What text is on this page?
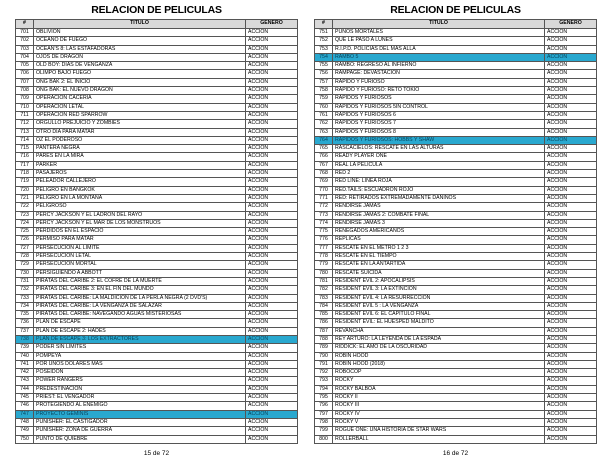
RELACION DE PELICULAS
#	TITULO	GENERO
701	OBLIVION	ACCION
702	OCEANO DE FUEGO	ACCION
703	OCEAN'S 8: LAS ESTAFADORAS	ACCION
704	OJOS DE DRAGON	ACCION
705	OLD BOY: DIAS DE VENGANZA	ACCION
706	OLIMPO BAJO FUEGO	ACCION
707	ONG BAK 2: EL INICIO	ACCION
708	ONG BAK: EL NUEVO DRAGON	ACCION
709	OPERACION CACERIA	ACCION
710	OPERACION LETAL	ACCION
711	OPERACION RED SPARROW	ACCION
712	ORGULLO PREJUICIO Y ZOMBIES	ACCION
713	OTRO DIA PARA MATAR	ACCION
714	OZ EL PODEROSO	ACCION
715	PANTERA NEGRA	ACCION
716	PARES EN LA MIRA	ACCION
717	PARKER	ACCION
718	PASAJEROS	ACCION
719	PELEADOR CALLEJERO	ACCION
720	PELIGRO EN BANGKOK	ACCION
721	PELIGRO EN LA MONTAÑA	ACCION
722	PELIGROSO	ACCION
723	PERCY JACKSON Y EL LADRON DEL RAYO	ACCION
724	PERCY JACKSON Y EL MAR DE LOS MONSTRUOS	ACCION
725	PERDIDOS EN EL ESPACIO	ACCION
726	PERMISO PARA MATAR	ACCION
727	PERSECUCION AL LIMITE	ACCION
728	PERSECUCION LETAL	ACCION
729	PERSECUCION MORTAL	ACCION
730	PERSIGUIENDO A ABBOTT	ACCION
731	PIRATAS DEL CARIBE 2: EL COFRE DE LA MUERTE	ACCION
732	PIRATAS DEL CARIBE 3: EN EL FIN DEL MUNDO	ACCION
733	PIRATAS DEL CARIBE: LA MALDICION DE LA PERLA NEGRA (2 DVD'S)	ACCION
734	PIRATAS DEL CARIBE: LA VENGANZA DE SALAZAR	ACCION
735	PIRATAS DEL CARIBE: NAVEGANDO AGUAS MISTERIOSAS	ACCION
736	PLAN DE ESCAPE	ACCION
737	PLAN DE ESCAPE 2: HADES	ACCION
738	PLAN DE ESCAPE 3: LOS EXTRACTORES	ACCION
739	PODER SIN LIMITES	ACCION
740	POMPEYA	ACCION
741	POR UNOS DOLARES MAS	ACCION
742	POSEIDON	ACCION
743	POWER RANGERS	ACCION
744	PREDESTINACION	ACCION
745	PRIEST: EL VENGADOR	ACCION
746	PROTEGIENDO AL ENEMIGO	ACCION
747	PROYECTO GEMINIS	ACCION
748	PUNISHER: EL CASTIGADOR	ACCION
749	PUNISHER: ZONA DE GUERRA	ACCION
750	PUNTO DE QUIEBRE	ACCION
15 de 72
RELACION DE PELICULAS
#	TITULO	GENERO
751	PUÑOS MORTALES	ACCION
752	QUE LE PASO A LUNES	ACCION
753	R.I.P.D. POLICIAS DEL MAS ALLA	ACCION
754	RAMBO 5	ACCION
755	RAMBO: REGRESO AL INFIERNO	ACCION
756	RAMPAGE: DEVASTACION	ACCION
757	RAPIDO Y FURIOSO	ACCION
758	RAPIDO Y FURIOSO: RETO TOKIO	ACCION
759	RAPIDOS Y FURIOSOS	ACCION
760	RAPIDOS Y FURIOSOS 5IN CONTROL	ACCION
761	RAPIDOS Y FURIOSOS 6	ACCION
762	RAPIDOS Y FURIOSOS 7	ACCION
763	RAPIDOS Y FURIOSOS 8	ACCION
764	RAPIDOS Y FURIOSOS: HOBBS Y SHAW	ACCION
765	RASCACIELOS: RESCATE EN LAS ALTURAS	ACCION
766	READY PLAYER ONE	ACCION
767	REAL LA PELICULA	ACCION
768	RED 2	ACCION
769	RED LINE: LINEA ROJA	ACCION
770	RED.TAILS: ESCUADRON ROJO	ACCION
771	RED: RETIRADOS EXTREMADAMENTE DAÑINOS	ACCION
772	RENDIRSE JAMAS	ACCION
773	RENDIRSE JAMAS 2: COMBATE FINAL	ACCION
774	RENDIRSE JAMAS 3	ACCION
775	RENEGADOS AMERICANOS	ACCION
776	REPLICAS	ACCION
777	RESCATE EN EL METRO 1 2 3	ACCION
778	RESCATE EN EL TIEMPO	ACCION
779	RESCATE EN LA ANTARTIDA	ACCION
780	RESCATE SUICIDA	ACCION
781	RESIDENT EVIL 2: APOCALIPSIS	ACCION
782	RESIDENT EVIL 3: LA EXTINCION	ACCION
783	RESIDENT EVIL 4: LA RESURRECCION	ACCION
784	RESIDENT EVIL 5 : LA VENGANZA	ACCION
785	RESIDENT EVIL 6: EL CAPITULO FINAL	ACCION
786	RESIDENT EVIL: EL HUESPED MALDITO	ACCION
787	REVANCHA	ACCION
788	REY ARTURO: LA LEYENDA DE LA ESPADA	ACCION
789	RIDDICK: EL AMO DE LA OSCURIDAD	ACCION
790	ROBIN HOOD	ACCION
791	ROBIN HOOD (2018)	ACCION
792	ROBOCOP	ACCION
793	ROCKY	ACCION
794	ROCKY BALBOA	ACCION
795	ROCKY II	ACCION
796	ROCKY III	ACCION
797	ROCKY IV	ACCION
798	ROCKY V	ACCION
799	ROGUE ONE: UNA HISTORIA DE STAR WARS	ACCION
800	ROLLERBALL	ACCION
16 de 72
